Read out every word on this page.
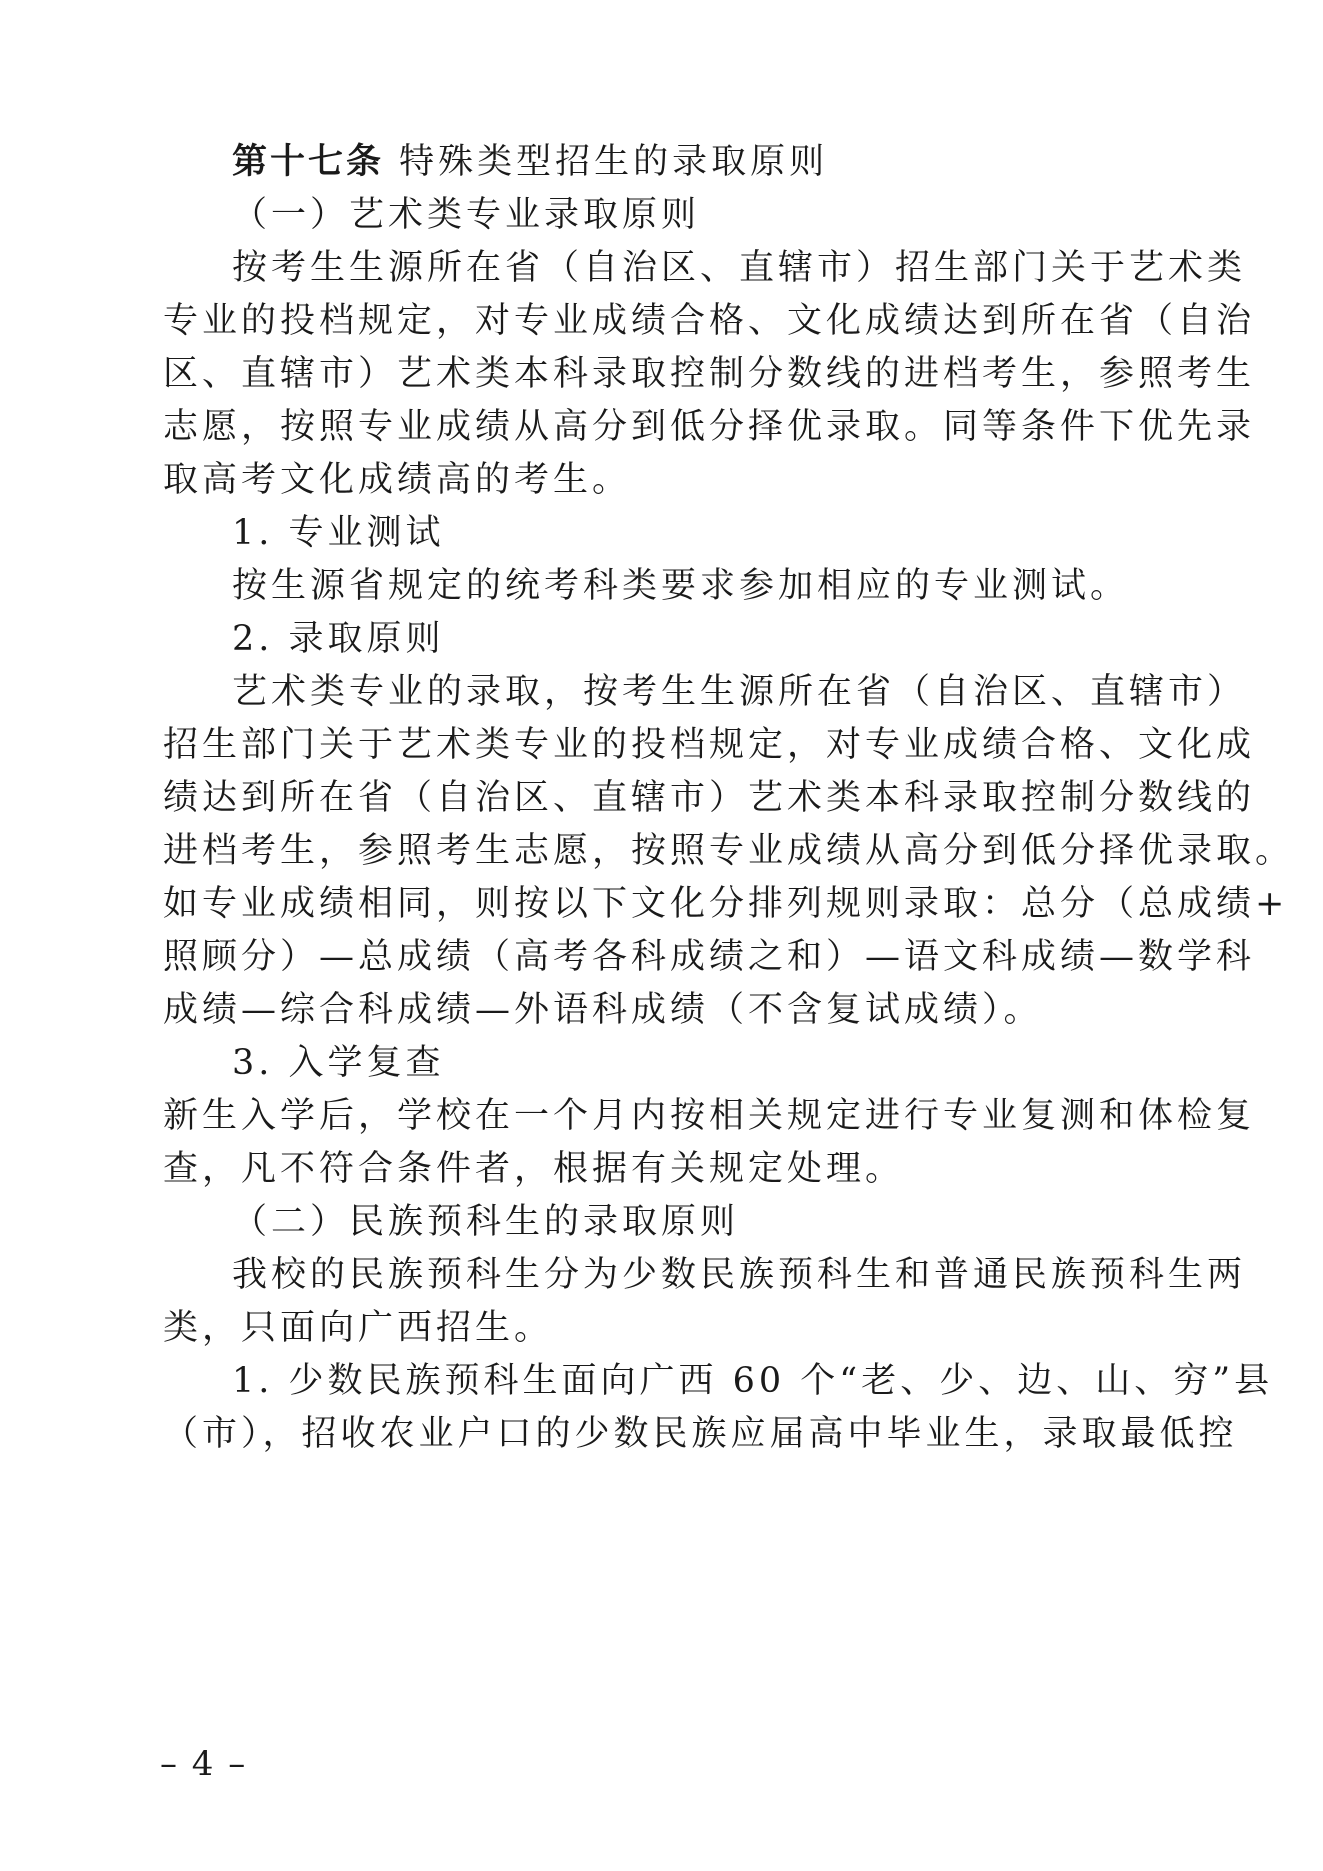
第十七条 特殊类型招生的录取原则
（一）艺术类专业录取原则
按考生生源所在省（自治区、直辖市）招生部门关于艺术类
专业的投档规定，对专业成绩合格、文化成绩达到所在省（自治
区、直辖市）艺术类本科录取控制分数线的进档考生，参照考生
志愿，按照专业成绩从高分到低分择优录取。同等条件下优先录
取高考文化成绩高的考生。
1. 专业测试
按生源省规定的统考科类要求参加相应的专业测试。
2. 录取原则
艺术类专业的录取，按考生生源所在省（自治区、直辖市）
招生部门关于艺术类专业的投档规定，对专业成绩合格、文化成
绩达到所在省（自治区、直辖市）艺术类本科录取控制分数线的
进档考生，参照考生志愿，按照专业成绩从高分到低分择优录取。
如专业成绩相同，则按以下文化分排列规则录取：总分（总成绩+
照顾分）—总成绩（高考各科成绩之和）—语文科成绩—数学科
成绩—综合科成绩—外语科成绩（不含复试成绩）。
3. 入学复查
新生入学后，学校在一个月内按相关规定进行专业复测和体检复
查，凡不符合条件者，根据有关规定处理。
（二）民族预科生的录取原则
我校的民族预科生分为少数民族预科生和普通民族预科生两
类，只面向广西招生。
1. 少数民族预科生面向广西 60 个“老、少、边、山、穷”县
（市），招收农业户口的少数民族应届高中毕业生，录取最低控
– 4 –
